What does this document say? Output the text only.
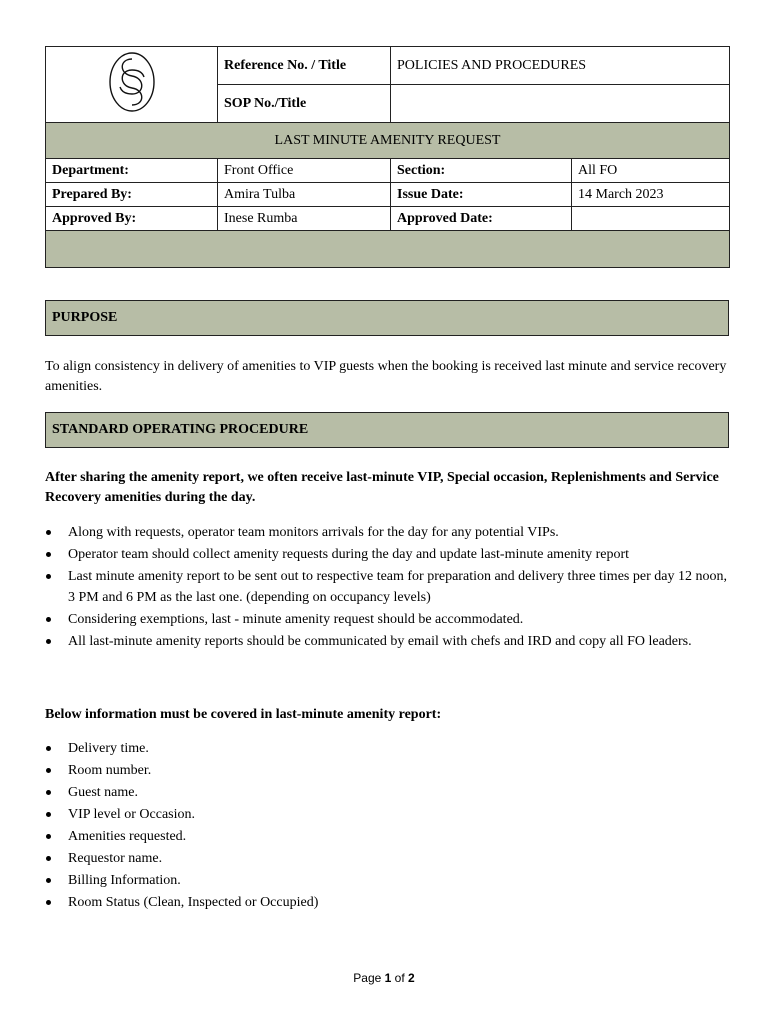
	Reference No. / Title	POLICIES AND PROCEDURES	
	SOP No./Title		
LAST MINUTE AMENITY REQUEST			
Department:	Front Office	Section:	All FO
Prepared By:	Amira Tulba	Issue Date:	14 March 2023
Approved By:	Inese Rumba	Approved Date:	

PURPOSE
To align consistency in delivery of amenities to VIP guests when the booking is received last minute and service recovery amenities.
STANDARD OPERATING PROCEDURE
After sharing the amenity report, we often receive last-minute VIP, Special occasion, Replenishments and Service Recovery amenities during the day.
Along with requests, operator team monitors arrivals for the day for any potential VIPs.
Operator team should collect amenity requests during the day and update last-minute amenity report
Last minute amenity report to be sent out to respective team for preparation and delivery three times per day 12 noon, 3 PM and 6 PM as the last one. (depending on occupancy levels)
Considering exemptions, last - minute amenity request should be accommodated.
All last-minute amenity reports should be communicated by email with chefs and IRD and copy all FO leaders.
Below information must be covered in last-minute amenity report:
Delivery time.
Room number.
Guest name.
VIP level or Occasion.
Amenities requested.
Requestor name.
Billing Information.
Room Status (Clean, Inspected or Occupied)
Page 1 of 2
